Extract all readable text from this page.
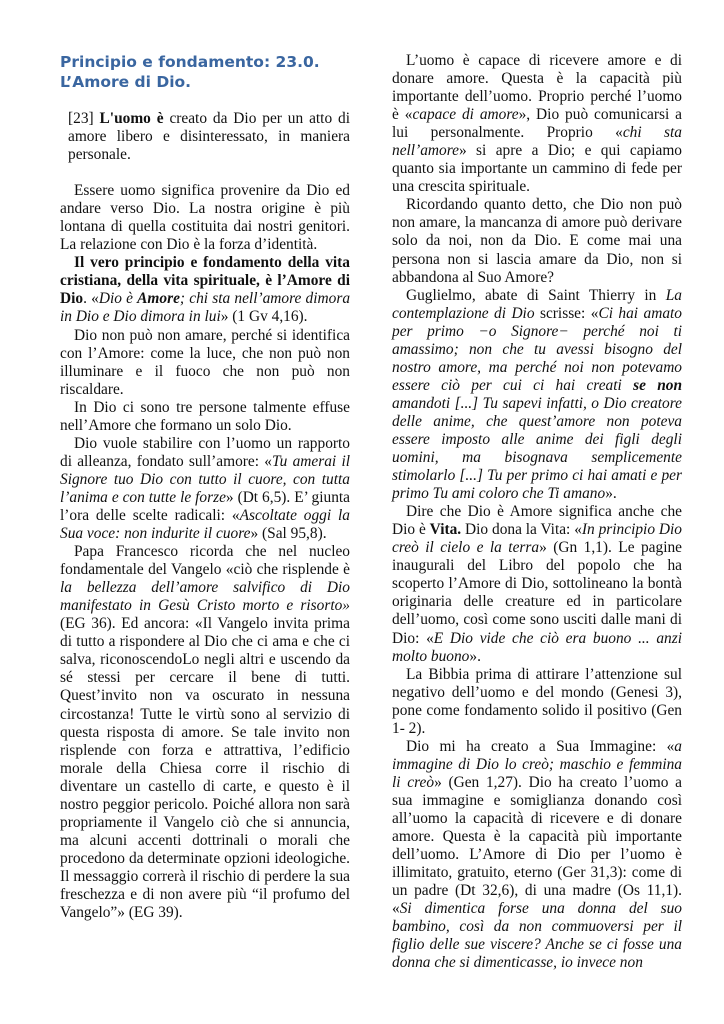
Principio e fondamento: 23.0.
L’Amore di Dio.

[23] L'uomo è creato da Dio per un atto di amore libero e disinteressato, in maniera personale.

Essere uomo significa provenire da Dio ed andare verso Dio. La nostra origine è più lontana di quella costituita dai nostri genitori. La relazione con Dio è la forza d’identità.

Il vero principio e fondamento della vita cristiana, della vita spirituale, è l’Amore di Dio. «Dio è Amore; chi sta nell’amore dimora in Dio e Dio dimora in lui» (1 Gv 4,16).

Dio non può non amare, perché si identifica con l’Amore: come la luce, che non può non illuminare e il fuoco che non può non riscaldare.

In Dio ci sono tre persone talmente effuse nell’Amore che formano un solo Dio.

Dio vuole stabilire con l’uomo un rapporto di alleanza, fondato sull’amore: «Tu amerai il Signore tuo Dio con tutto il cuore, con tutta l’anima e con tutte le forze» (Dt 6,5). E’ giunta l’ora delle scelte radicali: «Ascoltate oggi la Sua voce: non indurite il cuore» (Sal 95,8).

Papa Francesco ricorda che nel nucleo fondamentale del Vangelo «ciò che risplende è la bellezza dell’amore salvifico di Dio manifestato in Gesù Cristo morto e risorto» (EG 36). Ed ancora: «Il Vangelo invita prima di tutto a rispondere al Dio che ci ama e che ci salva, riconoscendoLo negli altri e uscendo da sé stessi per cercare il bene di tutti. Quest’invito non va oscurato in nessuna circostanza! Tutte le virtù sono al servizio di questa risposta di amore. Se tale invito non risplende con forza e attrattiva, l’edificio morale della Chiesa corre il rischio di diventare un castello di carte, e questo è il nostro peggior pericolo. Poiché allora non sarà propriamente il Vangelo ciò che si annuncia, ma alcuni accenti dottrinali o morali che procedono da determinate opzioni ideologiche. Il messaggio correrà il rischio di perdere la sua freschezza e di non avere più “il profumo del Vangelo”» (EG 39).

L’uomo è capace di ricevere amore e di donare amore. Questa è la capacità più importante dell’uomo. Proprio perché l’uomo è «capace di amore», Dio può comunicarsi a lui personalmente. Proprio «chi sta nell’amore» si apre a Dio; e qui capiamo quanto sia importante un cammino di fede per una crescita spirituale.

Ricordando quanto detto, che Dio non può non amare, la mancanza di amore può derivare solo da noi, non da Dio. E come mai una persona non si lascia amare da Dio, non si abbandona al Suo Amore?

Guglielmo, abate di Saint Thierry in La contemplazione di Dio scrisse: «Ci hai amato per primo −o Signore− perché noi ti amassimo; non che tu avessi bisogno del nostro amore, ma perché noi non potevamo essere ciò per cui ci hai creati se non amandoti [...] Tu sapevi infatti, o Dio creatore delle anime, che quest’amore non poteva essere imposto alle anime dei figli degli uomini, ma bisognava semplicemente stimolarlo [...] Tu per primo ci hai amati e per primo Tu ami coloro che Ti amano».

Dire che Dio è Amore significa anche che Dio è Vita. Dio dona la Vita: «In principio Dio creò il cielo e la terra» (Gn 1,1). Le pagine inaugurali del Libro del popolo che ha scoperto l’Amore di Dio, sottolineano la bontà originaria delle creature ed in particolare dell’uomo, così come sono usciti dalle mani di Dio: «E Dio vide che ciò era buono ... anzi molto buono».

La Bibbia prima di attirare l’attenzione sul negativo dell’uomo e del mondo (Genesi 3), pone come fondamento solido il positivo (Gen 1- 2).

Dio mi ha creato a Sua Immagine: «a immagine di Dio lo creò; maschio e femmina li creò» (Gen 1,27). Dio ha creato l’uomo a sua immagine e somiglianza donando così all’uomo la capacità di ricevere e di donare amore. Questa è la capacità più importante dell’uomo. L’Amore di Dio per l’uomo è illimitato, gratuito, eterno (Ger 31,3): come di un padre (Dt 32,6), di una madre (Os 11,1). «Si dimentica forse una donna del suo bambino, così da non commuoversi per il figlio delle sue viscere? Anche se ci fosse una donna che si dimenticasse, io invece non
